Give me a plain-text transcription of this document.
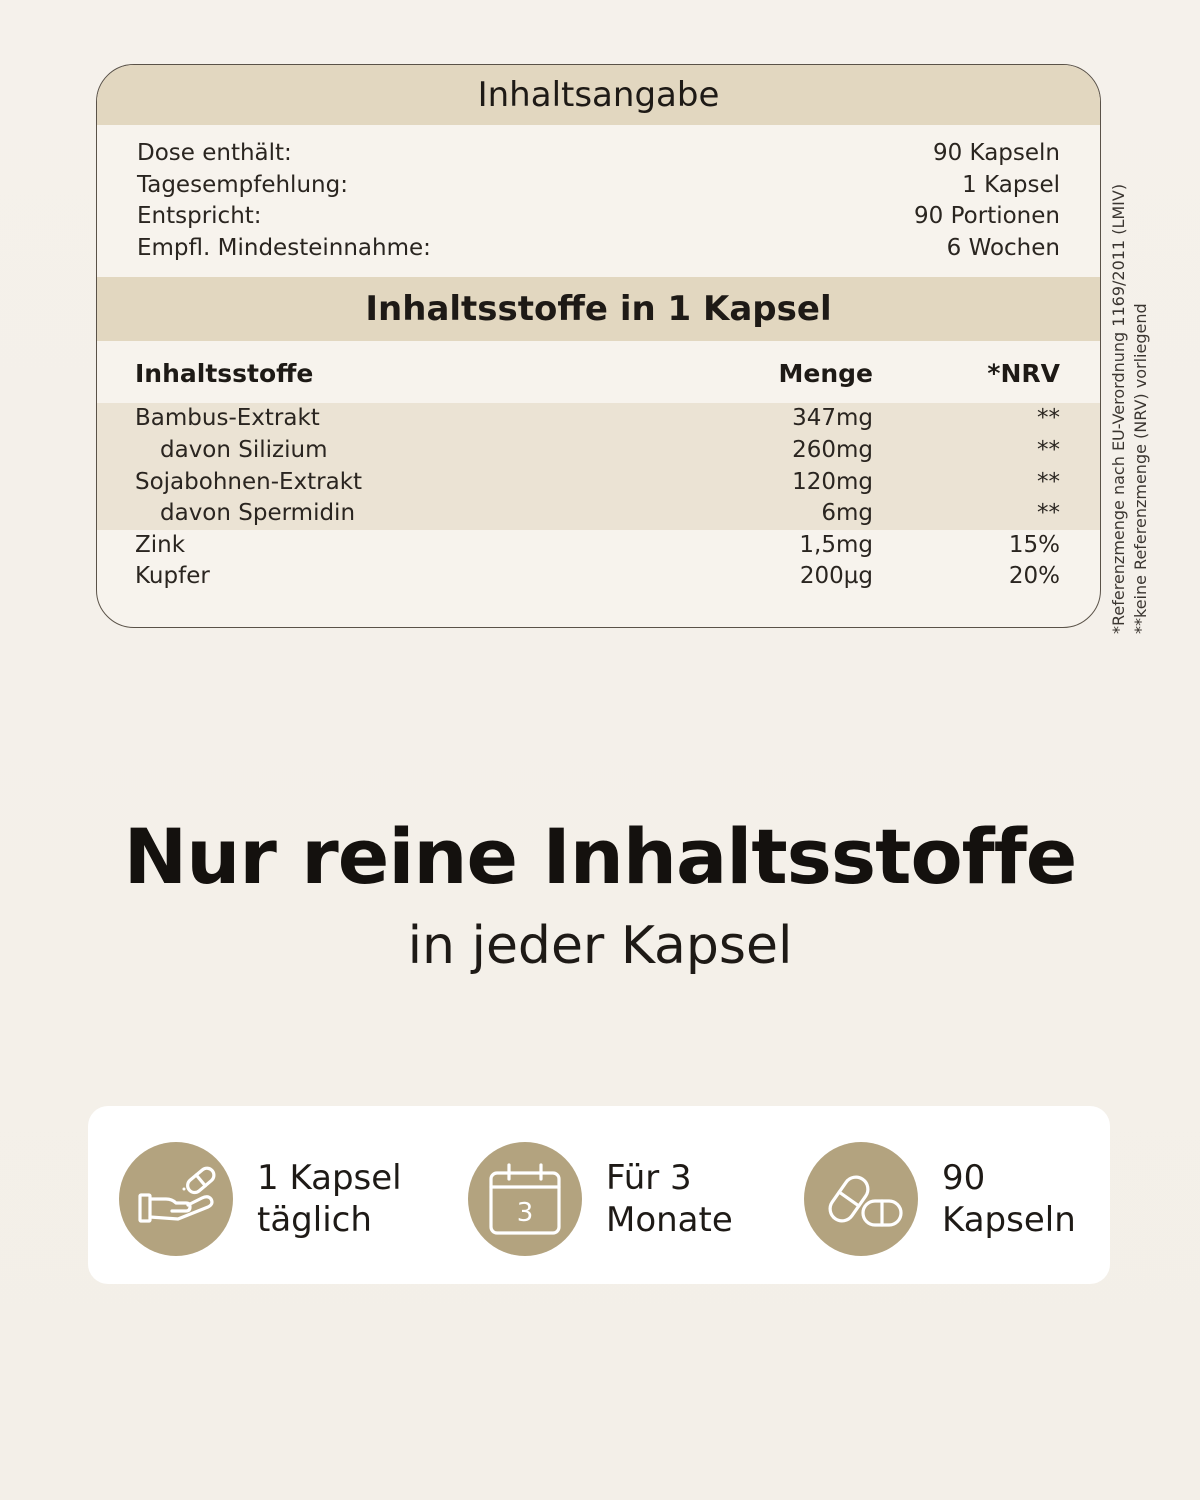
Inhaltsangabe
Dose enthält:	90 Kapseln
Tagesempfehlung:	1 Kapsel
Entspricht:	90 Portionen
Empfl. Mindesteinnahme:	6 Wochen
Inhaltsstoffe in 1 Kapsel
Inhaltsstoffe	Menge	*NRV
Bambus-Extrakt	347mg	**
davon Silizium	260mg	**
Sojabohnen-Extrakt	120mg	**
davon Spermidin	6mg	**
Zink	1,5mg	15%
Kupfer	200µg	20%	*Referenzmenge nach EU-Verordnung 1169/2011 (LMIV) **keine Referenzmenge (NRV) vorliegend
Nur reine Inhaltsstoffe
in jeder Kapsel
1 Kapsel
täglich	3
Für 3
Monate
90
Kapseln
